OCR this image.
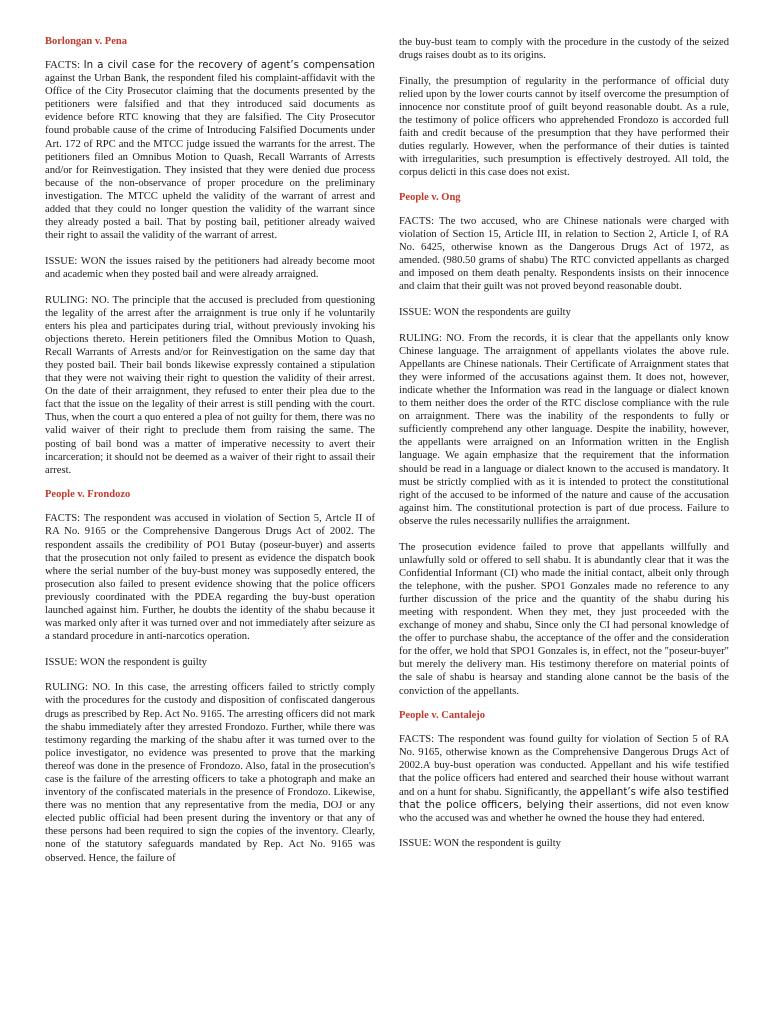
Borlongan v. Pena

FACTS: In a civil case for the recovery of agent’s compensation against the Urban Bank, the respondent filed his complaint-affidavit with the Office of the City Prosecutor claiming that the documents presented by the petitioners were falsified and that they introduced said documents as evidence before RTC knowing that they are falsified. The City Prosecutor found probable cause of the crime of Introducing Falsified Documents under Art. 172 of RPC and the MTCC judge issued the warrants for the arrest. The petitioners filed an Omnibus Motion to Quash, Recall Warrants of Arrests and/or for Reinvestigation. They insisted that they were denied due process because of the non-observance of proper procedure on the preliminary investigation. The MTCC upheld the validity of the warrant of arrest and added that they could no longer question the validity of the warrant since they already posted a bail. That by posting bail, petitioner already waived their right to assail the validity of the warrant of arrest.

ISSUE: WON the issues raised by the petitioners had already become moot and academic when they posted bail and were already arraigned.

RULING: NO. The principle that the accused is precluded from questioning the legality of the arrest after the arraignment is true only if he voluntarily enters his plea and participates during trial, without previously invoking his objections thereto. Herein petitioners filed the Omnibus Motion to Quash, Recall Warrants of Arrests and/or for Reinvestigation on the same day that they posted bail. Their bail bonds likewise expressly contained a stipulation that they were not waiving their right to question the validity of their arrest. On the date of their arraignment, they refused to enter their plea due to the fact that the issue on the legality of their arrest is still pending with the court. Thus, when the court a quo entered a plea of not guilty for them, there was no valid waiver of their right to preclude them from raising the same. The posting of bail bond was a matter of imperative necessity to avert their incarceration; it should not be deemed as a waiver of their right to assail their arrest.

People v. Frondozo

FACTS: The respondent was accused in violation of Section 5, Artcle II of RA No. 9165 or the Comprehensive Dangerous Drugs Act of 2002. The respondent assails the credibility of PO1 Butay (poseur-buyer) and asserts that the prosecution not only failed to present as evidence the dispatch book where the serial number of the buy-bust money was supposedly entered, the prosecution also failed to present evidence showing that the police officers previously coordinated with the PDEA regarding the buy-bust operation launched against him. Further, he doubts the identity of the shabu because it was marked only after it was turned over and not immediately after seizure as a standard procedure in anti-narcotics operation.

ISSUE: WON the respondent is guilty

RULING: NO. In this case, the arresting officers failed to strictly comply with the procedures for the custody and disposition of confiscated dangerous drugs as prescribed by Rep. Act No. 9165. The arresting officers did not mark the shabu immediately after they arrested Frondozo. Further, while there was testimony regarding the marking of the shabu after it was turned over to the police investigator, no evidence was presented to prove that the marking thereof was done in the presence of Frondozo. Also, fatal in the prosecution's case is the failure of the arresting officers to take a photograph and make an inventory of the confiscated materials in the presence of Frondozo. Likewise, there was no mention that any representative from the media, DOJ or any elected public official had been present during the inventory or that any of these persons had been required to sign the copies of the inventory. Clearly, none of the statutory safeguards mandated by Rep. Act No. 9165 was observed. Hence, the failure of

the buy-bust team to comply with the procedure in the custody of the seized drugs raises doubt as to its origins.

Finally, the presumption of regularity in the performance of official duty relied upon by the lower courts cannot by itself overcome the presumption of innocence nor constitute proof of guilt beyond reasonable doubt. As a rule, the testimony of police officers who apprehended Frondozo is accorded full faith and credit because of the presumption that they have performed their duties regularly. However, when the performance of their duties is tainted with irregularities, such presumption is effectively destroyed. All told, the corpus delicti in this case does not exist.

People v. Ong

FACTS: The two accused, who are Chinese nationals were charged with violation of Section 15, Article III, in relation to Section 2, Article I, of RA No. 6425, otherwise known as the Dangerous Drugs Act of 1972, as amended. (980.50 grams of shabu) The RTC convicted appellants as charged and imposed on them death penalty. Respondents insists on their innocence and claim that their guilt was not proved beyond reasonable doubt.

ISSUE: WON the respondents are guilty

RULING: NO. From the records, it is clear that the appellants only know Chinese language. The arraignment of appellants violates the above rule. Appellants are Chinese nationals. Their Certificate of Arraignment states that they were informed of the accusations against them. It does not, however, indicate whether the Information was read in the language or dialect known to them neither does the order of the RTC disclose compliance with the rule on arraignment. There was the inability of the respondents to fully or sufficiently comprehend any other language. Despite the inability, however, the appellants were arraigned on an Information written in the English language. We again emphasize that the requirement that the information should be read in a language or dialect known to the accused is mandatory. It must be strictly complied with as it is intended to protect the constitutional right of the accused to be informed of the nature and cause of the accusation against him. The constitutional protection is part of due process. Failure to observe the rules necessarily nullifies the arraignment.

The prosecution evidence failed to prove that appellants willfully and unlawfully sold or offered to sell shabu. It is abundantly clear that it was the Confidential Informant (CI) who made the initial contact, albeit only through the telephone, with the pusher. SPO1 Gonzales made no reference to any further discussion of the price and the quantity of the shabu during his meeting with respondent. When they met, they just proceeded with the exchange of money and shabu, Since only the CI had personal knowledge of the offer to purchase shabu, the acceptance of the offer and the consideration for the offer, we hold that SPO1 Gonzales is, in effect, not the "poseur-buyer" but merely the delivery man. His testimony therefore on material points of the sale of shabu is hearsay and standing alone cannot be the basis of the conviction of the appellants.

People v. Cantalejo

FACTS: The respondent was found guilty for violation of Section 5 of RA No. 9165, otherwise known as the Comprehensive Dangerous Drugs Act of 2002.A buy-bust operation was conducted. Appellant and his wife testified that the police officers had entered and searched their house without warrant and on a hunt for shabu. Significantly, the appellant’s wife also testified that the police officers, belying their assertions, did not even know who the accused was and whether he owned the house they had entered.

ISSUE: WON the respondent is guilty
